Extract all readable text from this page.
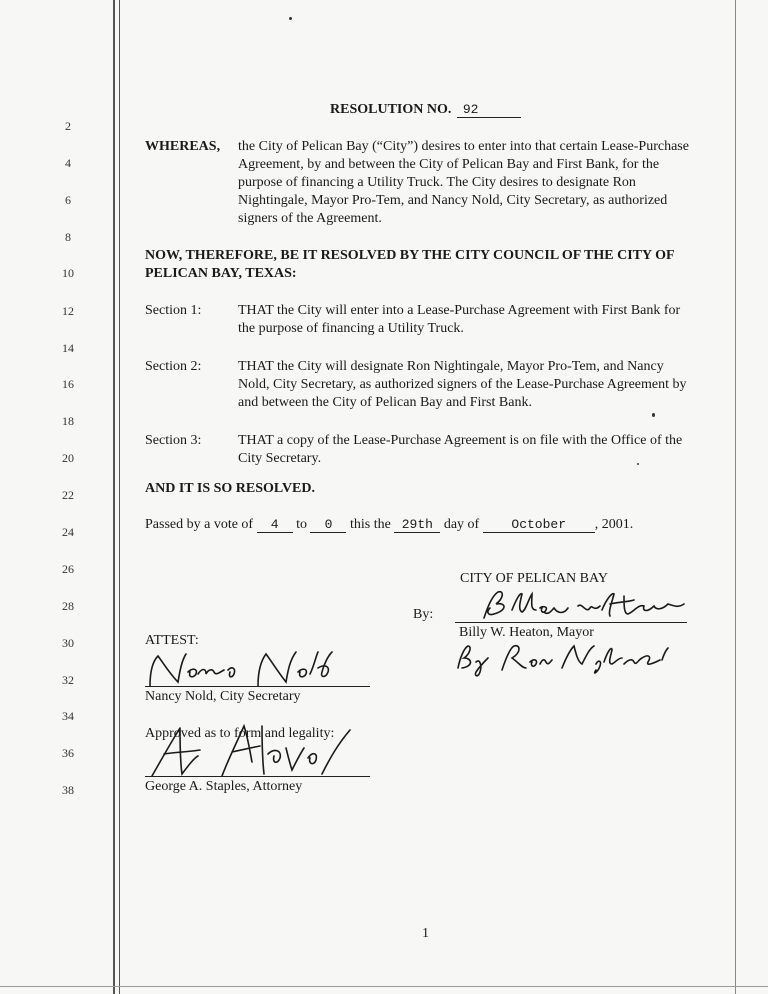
2
4
6
8
10
12
14
16
18
20
22
24
26
28
30
32
34
36
38
RESOLUTION NO. 92
WHEREAS, the City of Pelican Bay (“City”) desires to enter into that certain Lease-Purchase
Agreement, by and between the City of Pelican Bay and First Bank, for the
purpose of financing a Utility Truck. The City desires to designate Ron
Nightingale, Mayor Pro-Tem, and Nancy Nold, City Secretary, as authorized
signers of the Agreement.
NOW, THEREFORE, BE IT RESOLVED BY THE CITY COUNCIL OF THE CITY OF
PELICAN BAY, TEXAS:
Section 1:	THAT the City will enter into a Lease-Purchase Agreement with First Bank for
the purpose of financing a Utility Truck.
Section 2:	THAT the City will designate Ron Nightingale, Mayor Pro-Tem, and Nancy
Nold, City Secretary, as authorized signers of the Lease-Purchase Agreement by
and between the City of Pelican Bay and First Bank.
Section 3:	THAT a copy of the Lease-Purchase Agreement is on file with the Office of the
City Secretary.
AND IT IS SO RESOLVED.
Passed by a vote of 4 to 0 this the 29th day of October , 2001.
CITY OF PELICAN BAY
By:
Billy W. Heaton, Mayor
ATTEST:
Nancy Nold, City Secretary
Approved as to form and legality:
George A. Staples, Attorney
1
